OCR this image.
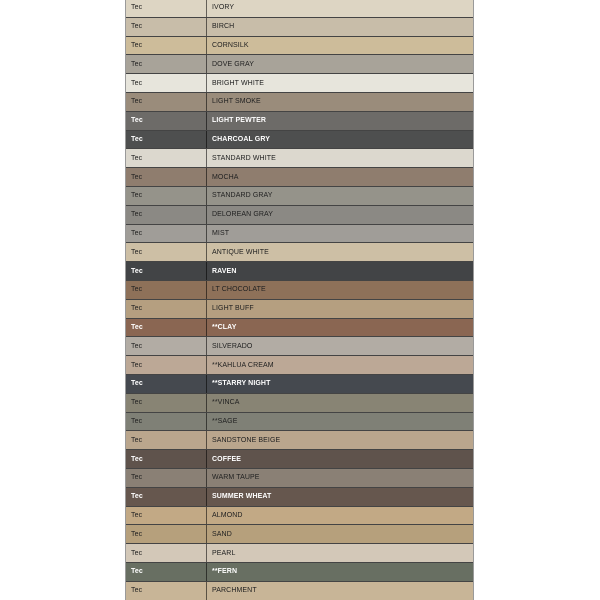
Tec	IVORY
Tec	BIRCH
Tec	CORNSILK
Tec	DOVE GRAY
Tec	BRIGHT WHITE
Tec	LIGHT SMOKE
Tec	LIGHT PEWTER
Tec	CHARCOAL GRY
Tec	STANDARD WHITE
Tec	MOCHA
Tec	STANDARD GRAY
Tec	DELOREAN GRAY
Tec	MIST
Tec	ANTIQUE WHITE
Tec	RAVEN
Tec	LT CHOCOLATE
Tec	LIGHT BUFF
Tec	**CLAY
Tec	SILVERADO
Tec	**KAHLUA CREAM
Tec	**STARRY NIGHT
Tec	**VINCA
Tec	**SAGE
Tec	SANDSTONE BEIGE
Tec	COFFEE
Tec	WARM TAUPE
Tec	SUMMER WHEAT
Tec	ALMOND
Tec	SAND
Tec	PEARL
Tec	**FERN
Tec	PARCHMENT
